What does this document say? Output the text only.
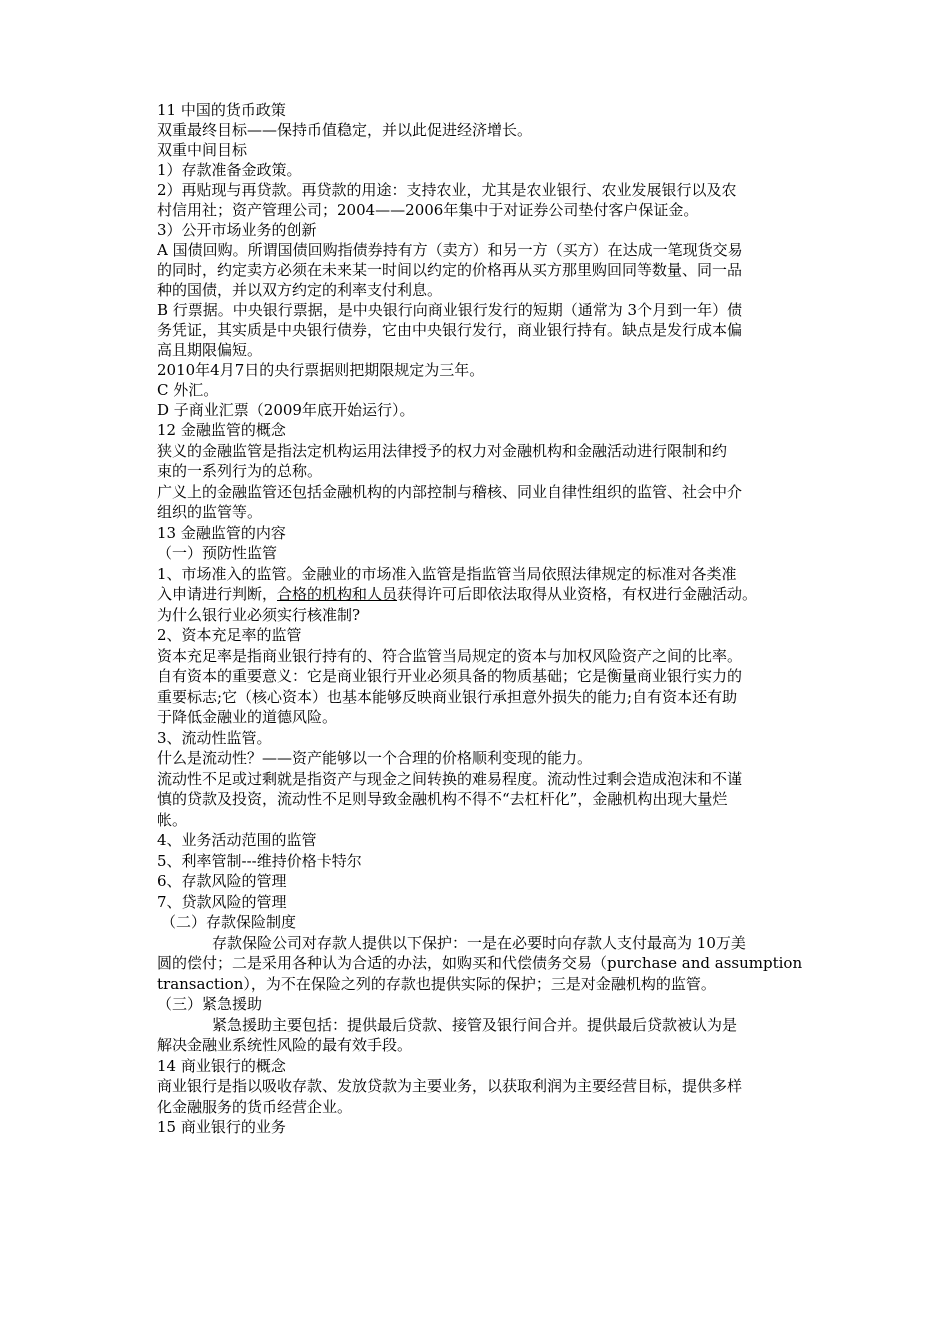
11 中国的货币政策
双重最终目标——保持币值稳定，并以此促进经济增长。
双重中间目标
1）存款准备金政策。
2）再贴现与再贷款。再贷款的用途：支持农业，尤其是农业银行、农业发展银行以及农
村信用社；资产管理公司；2004——2006年集中于对证券公司垫付客户保证金。
3）公开市场业务的创新
A 国债回购。所谓国债回购指债券持有方（卖方）和另一方（买方）在达成一笔现货交易
的同时，约定卖方必须在未来某一时间以约定的价格再从买方那里购回同等数量、同一品
种的国债，并以双方约定的利率支付利息。
B 行票据。中央银行票据，是中央银行向商业银行发行的短期（通常为 3个月到一年）债
务凭证，其实质是中央银行债券，它由中央银行发行，商业银行持有。缺点是发行成本偏
高且期限偏短。
2010年4月7日的央行票据则把期限规定为三年。
C 外汇。
D 子商业汇票（2009年底开始运行）。
12 金融监管的概念
狭义的金融监管是指法定机构运用法律授予的权力对金融机构和金融活动进行限制和约
束的一系列行为的总称。
广义上的金融监管还包括金融机构的内部控制与稽核、同业自律性组织的监管、社会中介
组织的监管等。
13 金融监管的内容
（一）预防性监管
1、市场准入的监管。金融业的市场准入监管是指监管当局依照法律规定的标准对各类准
入申请进行判断，合格的机构和人员获得许可后即依法取得从业资格，有权进行金融活动。
为什么银行业必须实行核准制?
2、资本充足率的监管
资本充足率是指商业银行持有的、符合监管当局规定的资本与加权风险资产之间的比率。
自有资本的重要意义：它是商业银行开业必须具备的物质基础；它是衡量商业银行实力的
重要标志;它（核心资本）也基本能够反映商业银行承担意外损失的能力;自有资本还有助
于降低金融业的道德风险。
3、流动性监管。
什么是流动性？——资产能够以一个合理的价格顺利变现的能力。
流动性不足或过剩就是指资产与现金之间转换的难易程度。流动性过剩会造成泡沫和不谨
慎的贷款及投资，流动性不足则导致金融机构不得不“去杠杆化”，金融机构出现大量烂
帐。
4、业务活动范围的监管
5、利率管制---维持价格卡特尔
6、存款风险的管理
7、贷款风险的管理
（二）存款保险制度
存款保险公司对存款人提供以下保护：一是在必要时向存款人支付最高为 10万美
圆的偿付；二是采用各种认为合适的办法，如购买和代偿债务交易（purchase and assumption
transaction），为不在保险之列的存款也提供实际的保护；三是对金融机构的监管。
（三）紧急援助
紧急援助主要包括：提供最后贷款、接管及银行间合并。提供最后贷款被认为是
解决金融业系统性风险的最有效手段。
14 商业银行的概念
商业银行是指以吸收存款、发放贷款为主要业务，以获取利润为主要经营目标，提供多样
化金融服务的货币经营企业。
15 商业银行的业务
